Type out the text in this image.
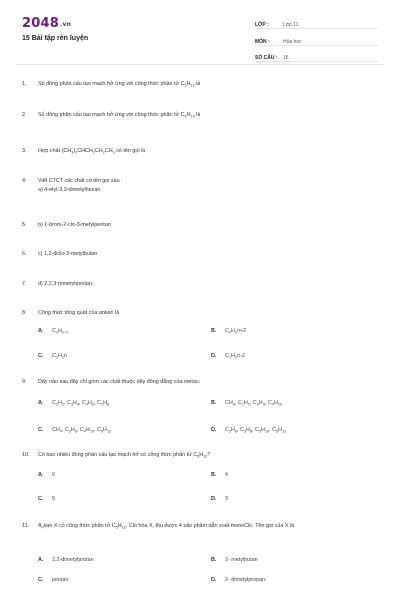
2048.vn
15 Bài tập rèn luyện
LỚP :	Lớp 11
MÔN :	Hóa học
SỐ CÂU :	15
1.	Số đồng phân cấu tạo mạch hở ứng với công thức phân tử $C_5H_{12}$ là
2.	Số đồng phân cấu tạo mạch hở ứng với công thức phân tử $C_6H_{14}$ là
3.	Hợp chất $(CH_3)_2CHCH_2CH_2CH_3$ có tên gọi là
4.	Viết CTCT các chất có tên gọi sau :
a) 4-etyl-3,3-dimetylhexan
5.	b) 1-brom-2-clo-3-metylpentan
6.	c) 1,2-diclo-3-metylbutan
7.	d) 2,2,3-trimetylpentan.
8.	Công thức tổng quát của ankan là
A.	$C_nH_{n+2}$	B.	$C_nH_2n+2$
C.	$C_nH_2n$	D.	$C_nH_2n-2$
9.	Dãy nào sau đây chỉ gồm các chất thuộc dãy đồng đẳng của metan.
A.	$C_2H_2$, $C_3H_4$, $C_4H_6$, $C_5H_8$	B.	$CH_4$, $C_2H_2$, $C_3H_4$, $C_4H_{10}$
C.	$CH_4$, $C_2H_6$, $C_4H_{10}$, $C_5H_{12}$	D.	$C_2H_6$, $C_3H_8$, $C_5H_{10}$, $C_6H_{12}$
10.	Có bao nhiêu đồng phân cấu tạo mạch hở có công thức phân tử $C_5H_{12}$?
A.	6	B.	4
C.	5	D.	3
11.	$A_nkan$ X có công thức phân tử $C_5H_{12}$. Clo hóa X, thu được 4 sản phẩm dẫn xuất monoClo. Tên gọi của X là
A.	2,2-dimetylprotan	B.	2- metylbutan
C.	pentan	D.	2- dimetylpropan
